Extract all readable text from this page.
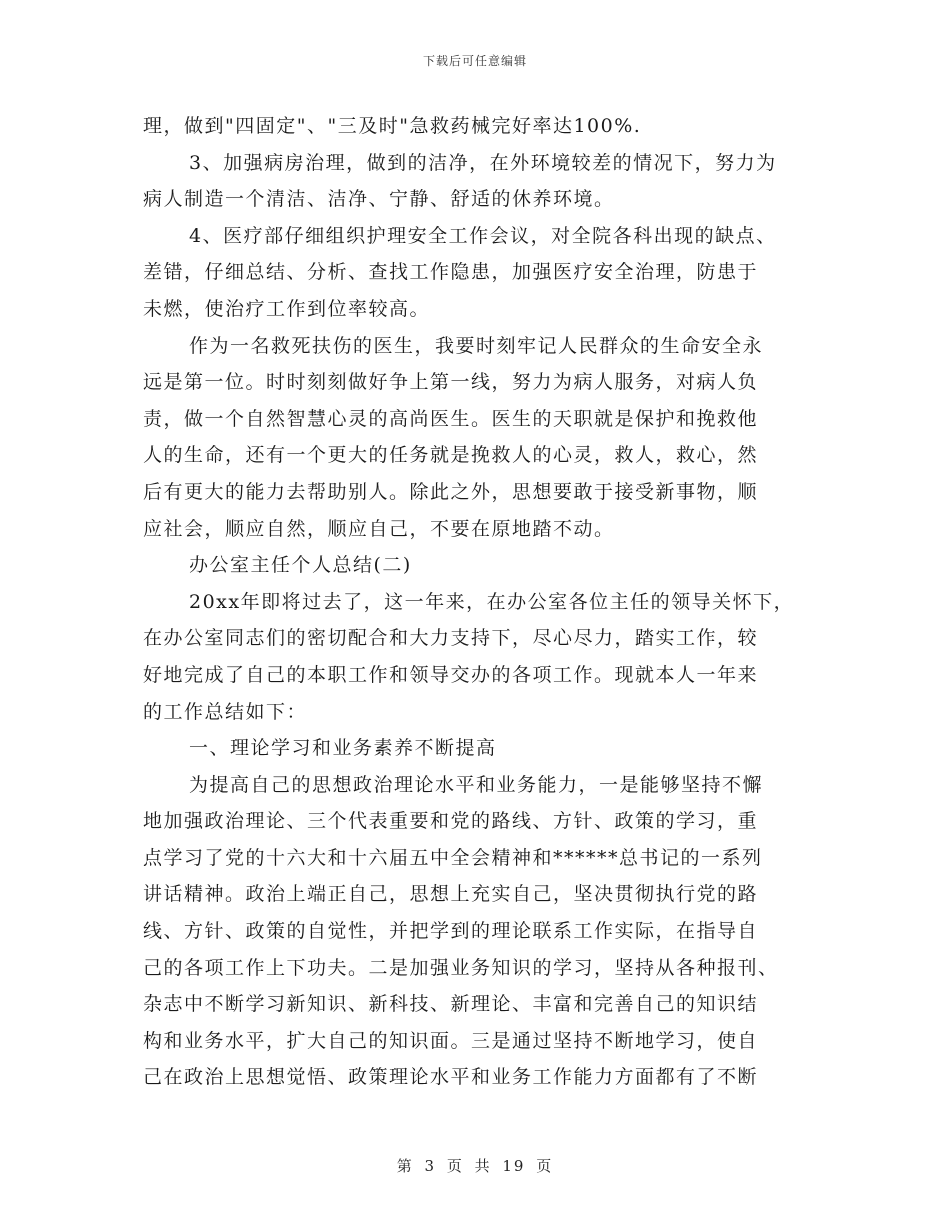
下载后可任意编辑
理，做到"四固定"、"三及时"急救药械完好率达100%.
3、加强病房治理，做到的洁净，在外环境较差的情况下，努力为
病人制造一个清洁、洁净、宁静、舒适的休养环境。
4、医疗部仔细组织护理安全工作会议，对全院各科出现的缺点、
差错，仔细总结、分析、查找工作隐患，加强医疗安全治理，防患于
未燃，使治疗工作到位率较高。
作为一名救死扶伤的医生，我要时刻牢记人民群众的生命安全永
远是第一位。时时刻刻做好争上第一线，努力为病人服务，对病人负
责，做一个自然智慧心灵的高尚医生。医生的天职就是保护和挽救他
人的生命，还有一个更大的任务就是挽救人的心灵，救人，救心，然
后有更大的能力去帮助别人。除此之外，思想要敢于接受新事物，顺
应社会，顺应自然，顺应自己，不要在原地踏不动。
办公室主任个人总结(二)
20xx年即将过去了，这一年来，在办公室各位主任的领导关怀下，
在办公室同志们的密切配合和大力支持下，尽心尽力，踏实工作，较
好地完成了自己的本职工作和领导交办的各项工作。现就本人一年来
的工作总结如下：
一、理论学习和业务素养不断提高
为提高自己的思想政治理论水平和业务能力，一是能够坚持不懈
地加强政治理论、三个代表重要和党的路线、方针、政策的学习，重
点学习了党的十六大和十六届五中全会精神和******总书记的一系列
讲话精神。政治上端正自己，思想上充实自己，坚决贯彻执行党的路
线、方针、政策的自觉性，并把学到的理论联系工作实际，在指导自
己的各项工作上下功夫。二是加强业务知识的学习，坚持从各种报刊、
杂志中不断学习新知识、新科技、新理论、丰富和完善自己的知识结
构和业务水平，扩大自己的知识面。三是通过坚持不断地学习，使自
己在政治上思想觉悟、政策理论水平和业务工作能力方面都有了不断
第 3 页 共 19 页
